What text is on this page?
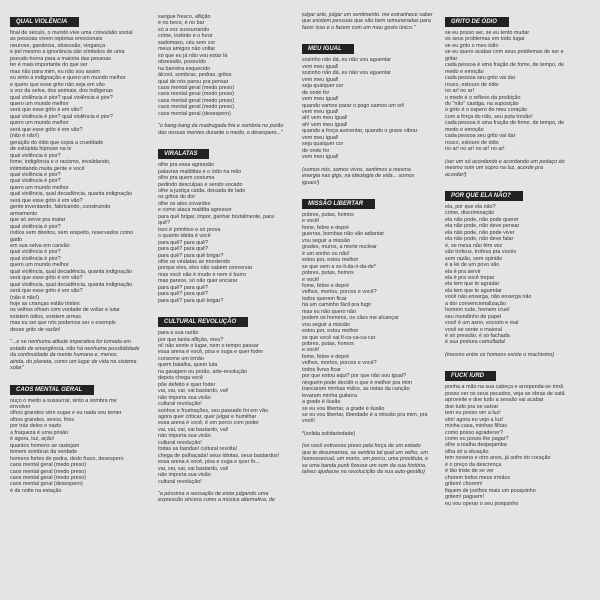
QUAL VIOLÊNCIA
final de século, o mundo vive uma convulsão social
as pessoas vivem repletas emocionais
neurose, ganância, obsessão, vingança
e pel mesmo a ignorância são símbolos de uma
pseudo-honra para a maioria das pessoas
ter é mais importante do que ser
mas não para mim, eu não sou assim
eu sinto a indignação e quero um mundo melhor
e quero que esse grito não seja em vão
a voz da selva, dos animais, dos indígenas
qual violência é pior? qual violência é pior?
quero um mundo melhor
será que esse grito é em vão?
qual violência é pior? qual violência é pior?
quero um mundo melhor
será que esse grito é em vão?
(não é não!)
geração do ódio que copia a crueldade
de estúpida hipnose na tv
qual violência é pior?
fome, indigência e o racismo, invalidando,
intimidando muita gente e você
qual violência é pior?
qual violência é pior?
quero um mundo melhor
qual violência, qual decadência, quanta indignação
será que esse grito é em vão?
gente inventando, fabricando, construindo
armamento
que só serve pra matar
qual violência é pior?
índios sem direitos, sem respeito, reservados como
gado
em sua selva em canvão
qual violência é pior?
qual violência é pior?
quero um mundo melhor
qual violência, qual decadência, quanta indignação
será que esse grito é em vão?
qual violência, qual decadência, quanta indignação
será que esse grito é em vão?
(não é não!)
hoje as crianças estão tristes
os velhos olham com vontade de voltar e lutar
existem ódios, existem armas
mas eu sei que nós podemos ser o exemplo
desse grito de razão!
"...e se nenhuma atitude imperativa for tomada em
estado de emergência, não há nenhuma possibilidade
da continuidade da mente humana e, menos
ainda, do planeta, como um lugar de vida na sistema
solar"
CAOS MENTAL GERAL
ouço o medo a sussurrar, sinto a sombra me
envolver
olhos grandes vêm sugar e eu nada vou temer
olhos grandes, sexos, frios
por trás deles o vazio
a fraqueza é uma prisão
é agora, luz, ação!
quantos homens se rastejam
temem sombras da verdade
homens fortes de pedra, dedo fraco, desespero
caos mental geral (medo preso)
caos mental geral (medo preso)
caos mental geral (medo preso)
caos mental geral (desespero)
é de noite na estação
sangue fresco, aflição
é no beco, é no bar
só a voz sussurrando
crime, instinto e o furor
sadomaso, céu sem cor
meus amigos não voltar
só que eu já não vou estar lá
obsessão, possuído
na barreira esquecido
álcool, sombras, pedras, gritos
qual de nós parou pra pensar
caos mental geral (medo preso)
caos mental geral (medo preso)
caos mental geral (medo preso)
caos mental geral (medo preso)
caos mental geral (desespero)
"o bang-bang da madrugada fria e sombria no porão
das nossas mentes durante o medo, o desespero..."
VIRALATAS
olhe pra essa agressão
palavras maldiitas e o ódio na mão
olhe pra quem costuma
pedindo desculpas e sendo socado
olhe a justiça caída, deixada de lado
os gritos do dor
olhe os atos covardes
e como ataca maldita agressor
para quê brigar, impor, ganhar brutalmente, para
quê?
isso é primitivo e só prova
o quanto idiota é você
para quê? para quê?
para quê? para quê?
para quê? para quê brigar?
olhe os viralatas se mordendo
porque eles, eles não sabem conversar
mas você não é mudo e nem é burro
mas parece, só não quer encarar
para quê? para quê?
para quê? para quê?
para quê? para quê brigar?
CULTURAL REVOLUÇÃO
para a sua razão
por que tanta aflição, meu?
oi! não sente o lugar, nem o tempo passar
essa arena é você, pisa e suga e quer foder
consome um irmão
quem batalha, quem luta
na garagem ou porão, arte-revolução
depois chega você
põe defeito e quer foder
vai, vai, vai, vai bastardo, vai!
não importa sua visão
cultural revolução!
sonhos e frustrações, seu passado foi em vão
agora quer criticar, quer julgar e humilhar
essa arena é você, é um porco com poder
vai, vai, vai, vai bastardo, vai!
não importa sua visão
cultural revolução!
todas as bandas! cultural revolta!
chega de palhaçada! seus idiotas, seus bastardos!
essa arena é você, pisa e suga e quer fo...
vai, vai, vai, vai bastardo, vai!
não importa sua visão
cultural revolução!
"a péssima a sensação de estar julgando uma
expressão sincera como a música alternativa, de
julgar arte, julgar um sentimento. me estranhece saber
que existem pessoas que são bem remuneradas para
fazer isso e o fazem com um mau gosto único."
MEU IGUAL
sozinho não dá, eu não vou aguentar
vem meu igual!
sozinho não dá, eu não vou aguentar
vem meu igual!
seja qualquer cor
de onde for
vem meu igual!
quando vamos parar o pogo samos um só!
vem meu igual!
ah! vem meu igual!
ah! vem meu igual!
quando a força aumentar, quando o grave vibrar
vem meu igual!
seja qualquer cor
de onde for
vem meu igual!
(somos nós, somos vivos, sentimos a mesma
energia nas gigs, na ideologia de vida... somos
iguais!)
MISSÃO LIBERTAR
pobres, putas, homos
e você!
fome, febre e depré
guerras, bombas não vão adiantar
vou seguir a missão
grades, muros, a morte nuclear
é um sonho ou não!
estou por, estou melhor
se que vem a so-li-da-ri-da-de*
pobres, putas, homos
e você!
fome, febre e depré
velhos, mortos, porcos e você?
todos querem ficar
há um caminho fácil pra fugir
mas eu não quero não
podem os homens, os cães me alcançar
vou seguir a missão
estou por, estou melhor
se que você vai fi-ca-ca-ca-car
pobres, putas, homos
e você!
fome, febre e depré
velhos, mortos, porcos e você?
todos livres ficar
por que estou aqui? por que não sou igual?
ninguém pode decidir o que é melhor pra mim
trancaram minhas mãos, as notas da canção
levaram minha guitarra
a grade é ilusão
se eu vou libertar, a grade é ilusão
se eu vou libertar, liberdade é a missão pra mim, pra
você!
*(solida solidariedade)
(se você estivesse preso pela força de um estado
que te desumaniza, se sentiria tal qual um velho, um
homossexual, um morto, um porco, uma prostituta, e
se uma banda punk fizesse um som da sua história,
talvez ajudasse na revolucição da sua auto-gestão)
GRITO DE ÓDIO
se eu posso ser, se eu tento mudar
os seus problemas em todo lugar
se eu grito o meu ódio
se eu quero acabar com seus problemas de ser e
gritar
cada pessoa é uma fração de fome, de tempo, de
medo e emoção
cada pessoa seu grito vai dar
rouco, estouro de ódio
no ar! no ar!
o medo é o reflexo da proibição
do "não" castiga, na suposição
o grito é o espero do meu coração
com a força do não, seu puta trovão!
cada pessoa é uma fração de fome, de tempo, de
medo e emoção
cada pessoa seu grito vai dar
rouco, estouro de ódio
no ar! no ar! no ar! no ar!
(ser um só acordando e acordando um pedaço do
mesmo som um sopro na luz, acorde pra
acordar!)
POR QUE ELA NÃO?
ela, por que ela não?
crime, discriminação
ela não pode, não pode querer
ela não pode, não deve pensar
ela não pode, não pode viver
ela não pode, não deve falar
é, se mesa não fém vez
são trofeus, trofeus pra vocês
sem razão, sem opinião
é a lei de um povo são
ela é pra servir
ela é pra você trepar
ela tem que te agradar
ela tem que te aguentar
você não enxerga, não enxerga não
a dor convencionalização
homem rude, homem cruel
seu mundinho de papel
você é um asno, escroto e mal
você se sente o maioral
é só pressão, é só fachada
é sua postura camuflada!
(mesmo entre os homens existe o machismo)
FUCK IURD
ponha a mão na sua cabeça e arrependa-se irmã
posso ver os seus pecados, veja as obras de satã
aproveite e doe tudo a sessão vai acabar
doe tudo pra se salvar
tem eu posso ver a luz!
sim! agora eu vejo a luz!
minha casa, minhas filhas
como posso agradecer?
como eu posso lhe pagar?
olhe a toalha despejamba
olha só a situação
tem novena e otro anos, já sofre do coração
é o preço da descrença
é tão triste de se ver
chorem todos meus irmãos
gritem! chorem!
fiquem de joelhos mais um pouquinho
gritem! paguem!
eu vou operar o seu porquinho
